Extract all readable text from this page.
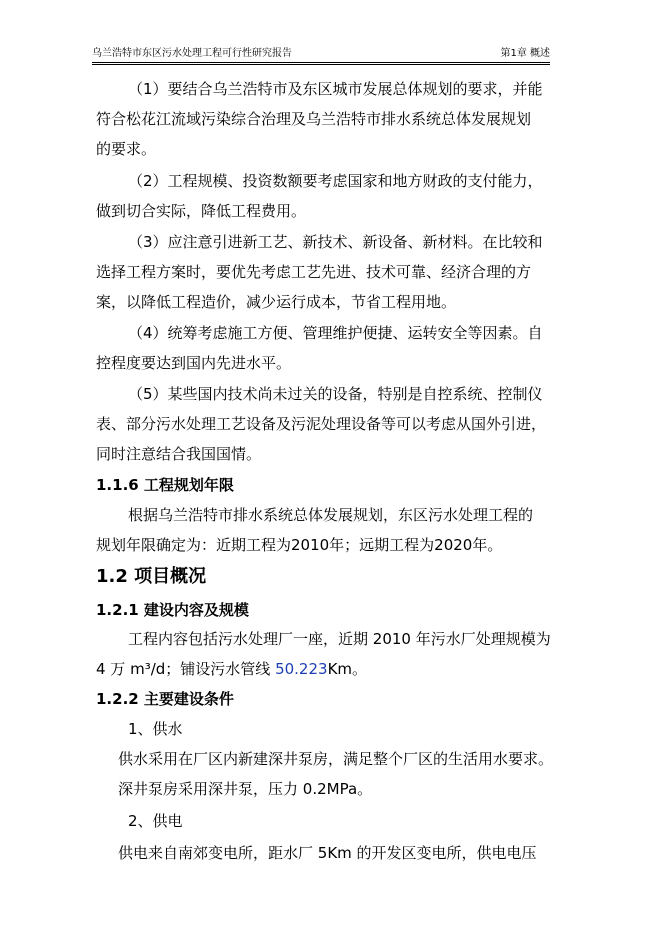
乌兰浩特市东区污水处理工程可行性研究报告	第1章 概述
（1）要结合乌兰浩特市及东区城市发展总体规划的要求，并能
符合松花江流域污染综合治理及乌兰浩特市排水系统总体发展规划
的要求。
（2）工程规模、投资数额要考虑国家和地方财政的支付能力，
做到切合实际，降低工程费用。
（3）应注意引进新工艺、新技术、新设备、新材料。在比较和
选择工程方案时，要优先考虑工艺先进、技术可靠、经济合理的方
案，以降低工程造价，减少运行成本，节省工程用地。
（4）统筹考虑施工方便、管理维护便捷、运转安全等因素。自
控程度要达到国内先进水平。
（5）某些国内技术尚未过关的设备，特别是自控系统、控制仪
表、部分污水处理工艺设备及污泥处理设备等可以考虑从国外引进，
同时注意结合我国国情。
1.1.6 工程规划年限
根据乌兰浩特市排水系统总体发展规划，东区污水处理工程的
规划年限确定为：近期工程为2010年；远期工程为2020年。
1.2 项目概况
1.2.1 建设内容及规模
工程内容包括污水处理厂一座，近期 2010 年污水厂处理规模为
4 万 m³/d；铺设污水管线 50.223Km。
1.2.2 主要建设条件
1、供水
供水采用在厂区内新建深井泵房，满足整个厂区的生活用水要求。
深井泵房采用深井泵，压力 0.2MPa。
2、供电
供电来自南郊变电所，距水厂 5Km 的开发区变电所，供电电压
